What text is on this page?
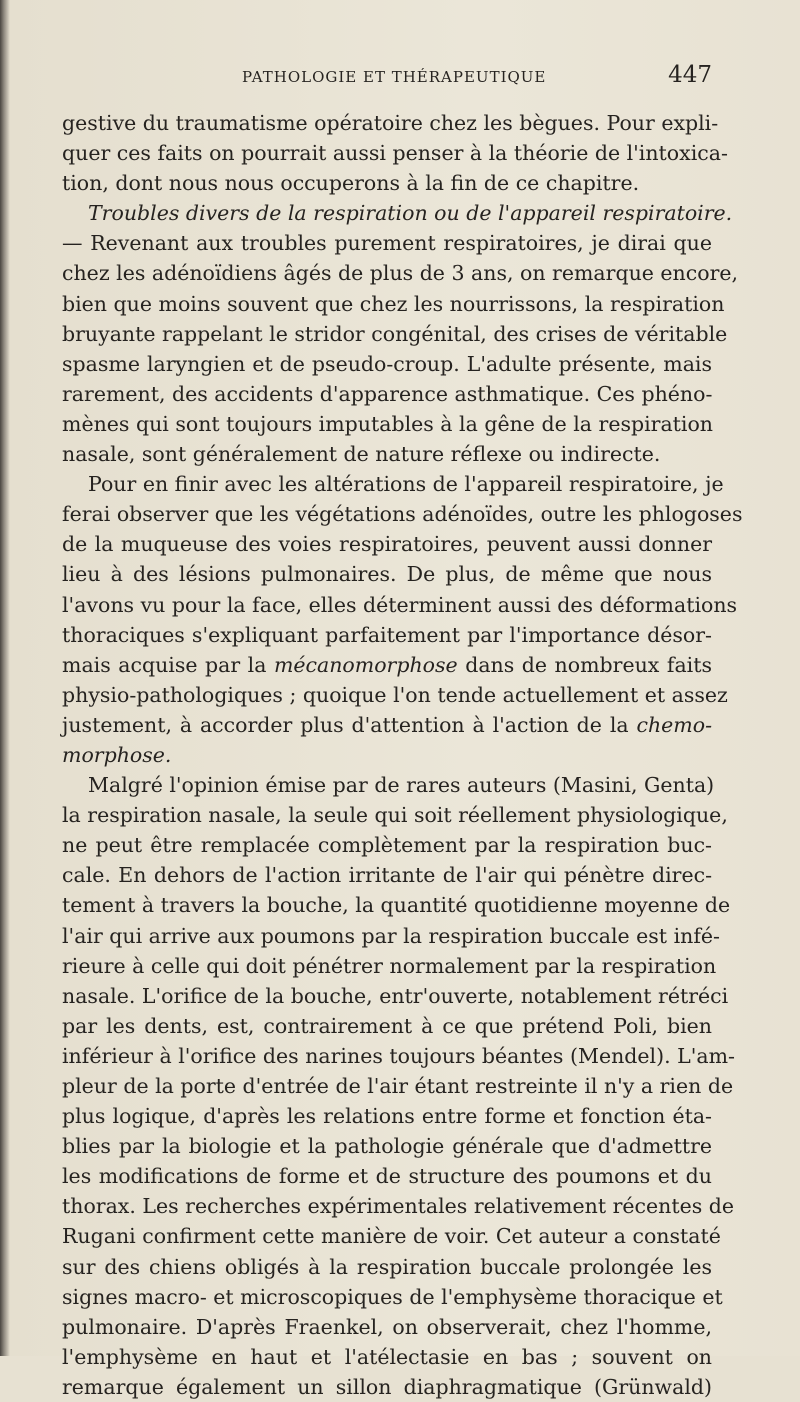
PATHOLOGIE ET THÉRAPEUTIQUE	447
gestive du traumatisme opératoire chez les bègues. Pour expli-
quer ces faits on pourrait aussi penser à la théorie de l'intoxica-
tion, dont nous nous occuperons à la fin de ce chapitre.
Troubles divers de la respiration ou de l'appareil respiratoire.
— Revenant aux troubles purement respiratoires, je dirai que
chez les adénoïdiens âgés de plus de 3 ans, on remarque encore,
bien que moins souvent que chez les nourrissons, la respiration
bruyante rappelant le stridor congénital, des crises de véritable
spasme laryngien et de pseudo-croup. L'adulte présente, mais
rarement, des accidents d'apparence asthmatique. Ces phéno-
mènes qui sont toujours imputables à la gêne de la respiration
nasale, sont généralement de nature réflexe ou indirecte.
Pour en finir avec les altérations de l'appareil respiratoire, je
ferai observer que les végétations adénoïdes, outre les phlogoses
de la muqueuse des voies respiratoires, peuvent aussi donner
lieu à des lésions pulmonaires. De plus, de même que nous
l'avons vu pour la face, elles déterminent aussi des déformations
thoraciques s'expliquant parfaitement par l'importance désor-
mais acquise par la mécanomorphose dans de nombreux faits
physio-pathologiques ; quoique l'on tende actuellement et assez
justement, à accorder plus d'attention à l'action de la chemo-
morphose.
Malgré l'opinion émise par de rares auteurs (Masini, Genta)
la respiration nasale, la seule qui soit réellement physiologique,
ne peut être remplacée complètement par la respiration buc-
cale. En dehors de l'action irritante de l'air qui pénètre direc-
tement à travers la bouche, la quantité quotidienne moyenne de
l'air qui arrive aux poumons par la respiration buccale est infé-
rieure à celle qui doit pénétrer normalement par la respiration
nasale. L'orifice de la bouche, entr'ouverte, notablement rétréci
par les dents, est, contrairement à ce que prétend Poli, bien
inférieur à l'orifice des narines toujours béantes (Mendel). L'am-
pleur de la porte d'entrée de l'air étant restreinte il n'y a rien de
plus logique, d'après les relations entre forme et fonction éta-
blies par la biologie et la pathologie générale que d'admettre
les modifications de forme et de structure des poumons et du
thorax. Les recherches expérimentales relativement récentes de
Rugani confirment cette manière de voir. Cet auteur a constaté
sur des chiens obligés à la respiration buccale prolongée les
signes macro- et microscopiques de l'emphysème thoracique et
pulmonaire. D'après Fraenkel, on observerait, chez l'homme,
l'emphysème en haut et l'atélectasie en bas ; souvent on
remarque également un sillon diaphragmatique (Grünwald)
